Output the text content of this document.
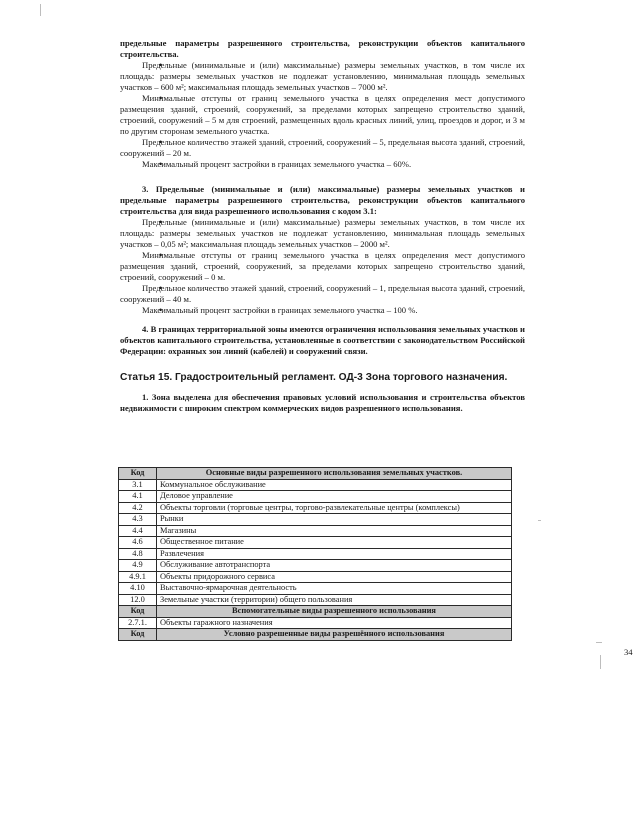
предельные параметры разрешенного строительства, реконструкции объектов капитального строительства.

• Предельные (минимальные и (или) максимальные) размеры земельных участков, в том числе их площадь: размеры земельных участков не подлежат установлению, минимальная площадь земельных участков – 600 м²; максимальная площадь земельных участков – 7000 м².

• Минимальные отступы от границ земельного участка в целях определения мест допустимого размещения зданий, строений, сооружений, за пределами которых запрещено строительство зданий, строений, сооружений – 5 м для строений, размещенных вдоль красных линий, улиц, проездов и дорог, и 3 м по другим сторонам земельного участка.

• Предельное количество этажей зданий, строений, сооружений – 5, предельная высота зданий, строений, сооружений – 20 м.

• Максимальный процент застройки в границах земельного участка – 60%.

3. Предельные (минимальные и (или) максимальные) размеры земельных участков и предельные параметры разрешенного строительства, реконструкции объектов капитального строительства для вида разрешенного использования с кодом 3.1:

• Предельные (минимальные и (или) максимальные) размеры земельных участков, в том числе их площадь: размеры земельных участков не подлежат установлению, минимальная площадь земельных участков – 0,05 м²; максимальная площадь земельных участков – 2000 м².

• Минимальные отступы от границ земельного участка в целях определения мест допустимого размещения зданий, строений, сооружений, за пределами которых запрещено строительство зданий, строений, сооружений – 0 м.

• Предельное количество этажей зданий, строений, сооружений – 1, предельная высота зданий, строений, сооружений – 40 м.

• Максимальный процент застройки в границах земельного участка – 100 %.

4. В границах территориальной зоны имеются ограничения использования земельных участков и объектов капитального строительства, установленные в соответствии с законодательством Российской Федерации: охранных зон линий (кабелей) и сооружений связи.

Статья 15. Градостроительный регламент. ОД-3 Зона торгового назначения.

1. Зона выделена для обеспечения правовых условий использования и строительства объектов недвижимости с широким спектром коммерческих видов разрешенного использования.

Код	Основные виды разрешенного использования земельных участков.
3.1	Коммунальное обслуживание
4.1	Деловое управление
4.2	Объекты торговли (торговые центры, торгово-развлекательные центры (комплексы)
4.3	Рынки
4.4	Магазины
4.6	Общественное питание
4.8	Развлечения
4.9	Обслуживание автотранспорта
4.9.1	Объекты придорожного сервиса
4.10	Выставочно-ярмарочная деятельность
12.0	Земельные участки (территории) общего пользования
Код	Вспомогательные виды разрешенного использования
2.7.1.	Объекты гаражного назначения
Код	Условно разрешенные виды разрешённого использования
34
